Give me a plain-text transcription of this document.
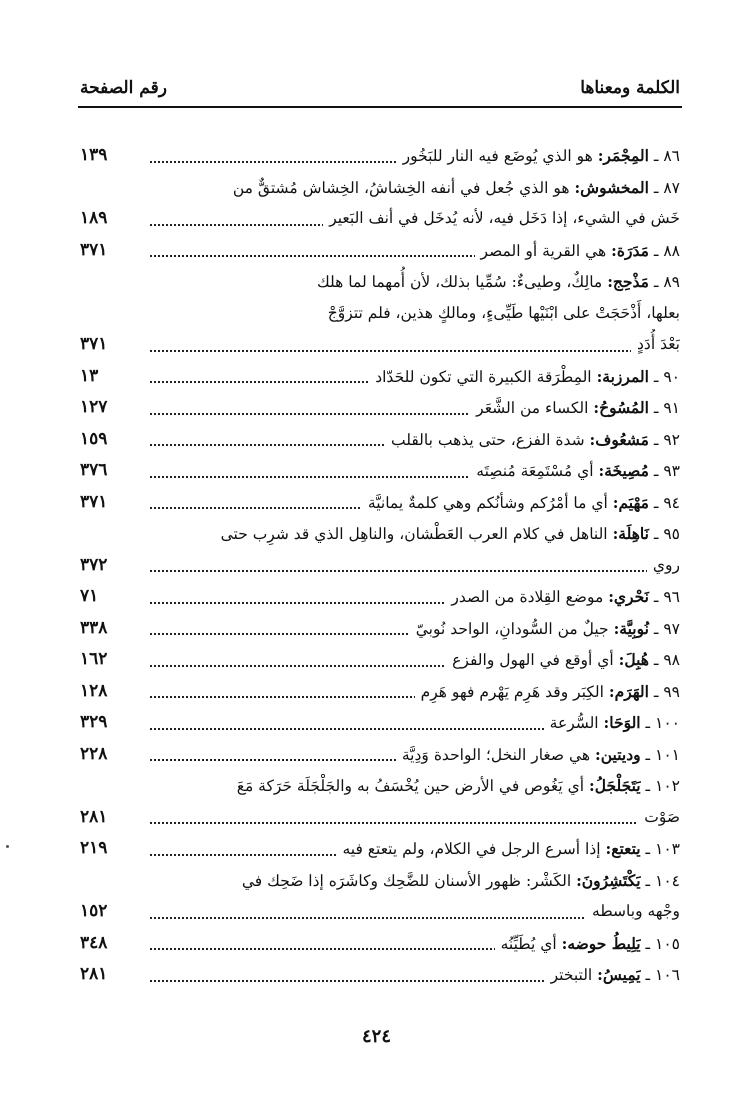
الكلمة ومعناها
رقم الصفحة
٨٦ ـ المِجْمَر: هو الذي يُوضَع فيه النار للبَخُور
١٣٩
٨٧ ـ المخشوش: هو الذي جُعل في أنفه الخِشاشُ، الخِشاش مُشتقٌّ من
خَش في الشيء، إذا دَخَل فيه، لأنه يُدخَل في أنف البَعير
١٨٩
٨٨ ـ مَدَرَة: هي القرية أو المصر
٣٧١
٨٩ ـ مَذْحِج: مالِكٌ، وطيىءٌ: سُمِّيا بذلك، لأن أُمهما لما هلك
بعلها، أَذْحَجَتْ على ابْنَيْها طَيِّىءٍ، ومالكٍ هذين، فلم تتزوَّجْ
بَعْدَ أُدَدٍ
٣٧١
٩٠ ـ المرزبة: المِطْرَقة الكبيرة التي تكون للحَدّاد
١٣
٩١ ـ المُسُوحُ: الكساء من الشَّعَر
١٢٧
٩٢ ـ مَشعُوف: شدة الفزع، حتى يذهب بالقلب
١٥٩
٩٣ ـ مُصِيخَة: أي مُسْتَمِعَة مُنصِتَه
٣٧٦
٩٤ ـ مَهْيَم: أي ما أمْرُكم وشأنُكم وهي كلمةٌ يمانيَّة
٣٧١
٩٥ ـ نَاهِلَة: الناهل في كلام العرب العَطْشان، والناهِل الذي قد شرِب حتى
روي
٣٧٢
٩٦ ـ نَحْري: موضع القِلادة من الصدر
٧١
٩٧ ـ نُوبِيَّة: جيلٌ من السُّودانِ، الواحد نُوبيّ
٣٣٨
٩٨ ـ هُبِلَ: أي أوقع في الهول والفزع
١٦٢
٩٩ ـ الهَرَم: الكِبَر وقد هَرِم يَهْرم فهو هَرِم
١٢٨
١٠٠ ـ الوَحَا: السُّرعة
٣٢٩
١٠١ ـ وديتين: هي صغار النخل؛ الواحدة وَدِيَّة
٢٢٨
١٠٢ ـ يَتَجَلْجَلُ: أي يَغُوص في الأرض حين يُخْسَفُ به والجَلْجَلَة حَرَكة مَعَ
صَوْت
٢٨١
١٠٣ ـ يتعتع: إذا أسرع الرجل في الكلام، ولم يتعتع فيه
٢١٩
١٠٤ ـ يَكْتَشِرُونَ: الكَشْر: ظهور الأسنان للضَّحِك وكاشَرَه إذا ضَحِك في
وجْهه وباسطه
١٥٢
١٠٥ ـ يَلِيطُ حوضه: أي يُطَيِّنُه
٣٤٨
١٠٦ ـ يَمِيسُ: التبختر
٢٨١
٤٢٤
